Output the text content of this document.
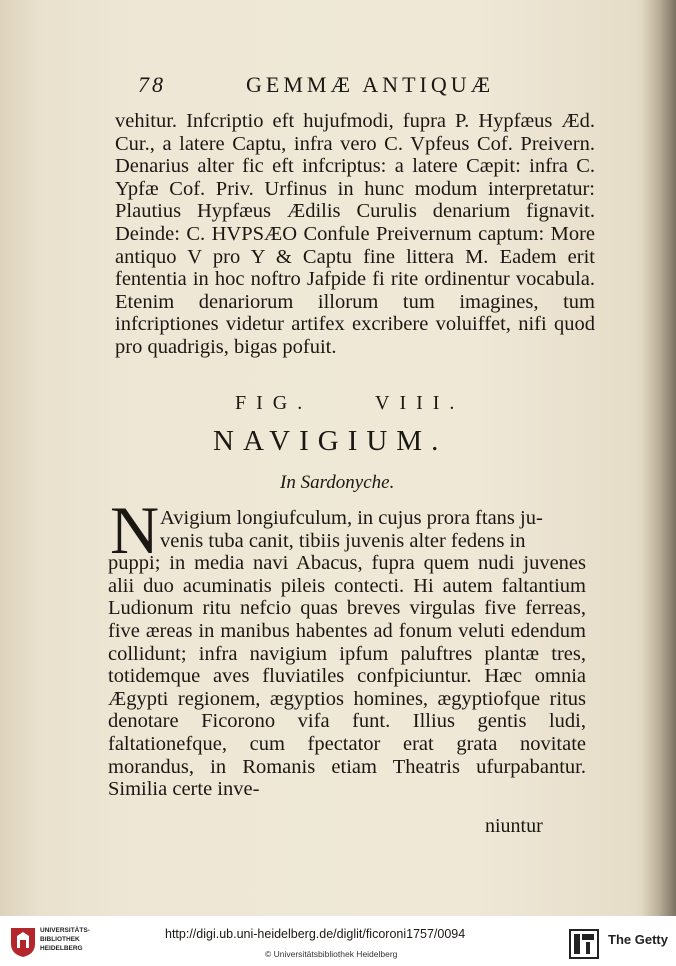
78	GEMMÆ ANTIQUÆ
vehitur. Infcriptio eft hujufmodi, fupra P. Hypfæus Æd. Cur., a latere Captu, infra vero C. Vpfeus Cof. Preivern. Denarius alter fic eft infcriptus: a latere Cæpit: infra C. Ypfæ Cof. Priv. Urfinus in hunc modum interpretatur: Plautius Hypfæus Ædilis Curulis denarium fignavit. Deinde: C. HVPSÆO Confule Preivernum captum: More antiquo V pro Y & Captu fine littera M. Eadem erit fententia in hoc noftro Jafpide fi rite ordinentur vocabula. Etenim denariorum illorum tum imagines, tum infcriptiones videtur artifex excribere voluiffet, nifi quod pro quadrigis, bigas pofuit.
FIG.	VIII.
NAVIGIUM.
In Sardonyche.
N Avigium longiufculum, in cujus prora ftans ju-
venis tuba canit, tibiis juvenis alter fedens in
puppi; in media navi Abacus, fupra quem nudi juvenes alii duo acuminatis pileis contecti. Hi autem faltantium Ludionum ritu nefcio quas breves virgulas five ferreas, five æreas in manibus habentes ad fonum veluti edendum collidunt; infra navigium ipfum paluftres plantæ tres, totidemque aves fluviatiles confpiciuntur. Hæc omnia Ægypti regionem, ægyptios homines, ægyptiofque ritus denotare Ficorono vifa funt. Illius gentis ludi, faltationefque, cum fpectator erat grata novitate morandus, in Romanis etiam Theatris ufurpabantur. Similia certe inve-
niuntur
UNIVERSITÄTS-
BIBLIOTHEK
HEIDELBERG
http://digi.ub.uni-heidelberg.de/diglit/ficoroni1757/0094
© Universitätsbibliothek Heidelberg
The Getty
